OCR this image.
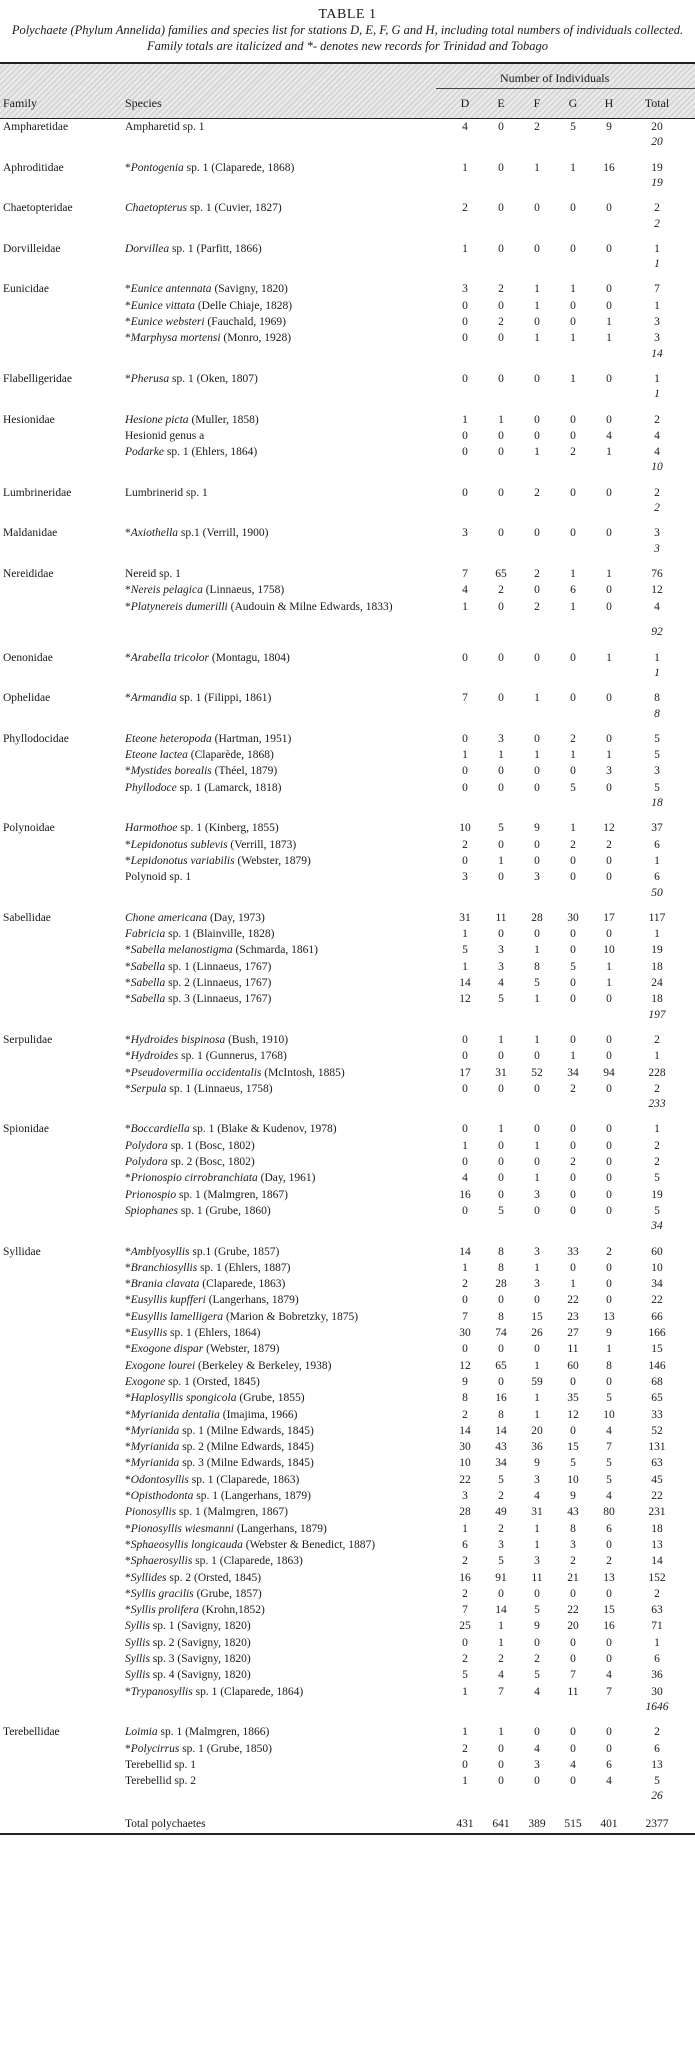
TABLE 1
Polychaete (Phylum Annelida) families and species list for stations D, E, F, G and H, including total numbers of individuals collected. Family totals are italicized and *- denotes new records for Trinidad and Tobago
Family	Species
Number of Individuals
D	E	F	G	H	Total
Ampharetidae	Ampharetid sp. 1	4	0	2	5	9	20
20
Aphroditidae	*Pontogenia sp. 1 (Claparede, 1868)	1	0	1	1	16	19
19
Chaetopteridae	Chaetopterus sp. 1 (Cuvier, 1827)	2	0	0	0	0	2
2
Dorvilleidae	Dorvillea sp. 1 (Parfitt, 1866)	1	0	0	0	0	1
1
Eunicidae	*Eunice antennata (Savigny, 1820)	3	2	1	1	0	7
*Eunice vittata (Delle Chiaje, 1828)	0	0	1	0	0	1
*Eunice websteri (Fauchald, 1969)	0	2	0	0	1	3
*Marphysa mortensi (Monro, 1928)	0	0	1	1	1	3
14
Flabelligeridae	*Pherusa sp. 1 (Oken, 1807)	0	0	0	1	0	1
1
Hesionidae	Hesione picta (Muller, 1858)	1	1	0	0	0	2
Hesionid genus a	0	0	0	0	4	4
Podarke sp. 1 (Ehlers, 1864)	0	0	1	2	1	4
10
Lumbrineridae	Lumbrinerid sp. 1	0	0	2	0	0	2
2
Maldanidae	*Axiothella sp.1 (Verrill, 1900)	3	0	0	0	0	3
3
Nereididae	Nereid sp. 1	7	65	2	1	1	76
*Nereis pelagica (Linnaeus, 1758)	4	2	0	6	0	12
*Platynereis dumerilli (Audouin & Milne Edwards, 1833)	1	0	2	1	0	4
92
Oenonidae	*Arabella tricolor (Montagu, 1804)	0	0	0	0	1	1
1
Ophelidae	*Armandia sp. 1 (Filippi, 1861)	7	0	1	0	0	8
8
Phyllodocidae	Eteone heteropoda (Hartman, 1951)	0	3	0	2	0	5
Eteone lactea (Claparède, 1868)	1	1	1	1	1	5
*Mystides borealis (Théel, 1879)	0	0	0	0	3	3
Phyllodoce sp. 1 (Lamarck, 1818)	0	0	0	5	0	5
18
Polynoidae	Harmothoe sp. 1 (Kinberg, 1855)	10	5	9	1	12	37
*Lepidonotus sublevis (Verrill, 1873)	2	0	0	2	2	6
*Lepidonotus variabilis (Webster, 1879)	0	1	0	0	0	1
Polynoid sp. 1	3	0	3	0	0	6
50
Sabellidae	Chone americana (Day, 1973)	31	11	28	30	17	117
Fabricia sp. 1 (Blainville, 1828)	1	0	0	0	0	1
*Sabella melanostigma (Schmarda, 1861)	5	3	1	0	10	19
*Sabella sp. 1 (Linnaeus, 1767)	1	3	8	5	1	18
*Sabella sp. 2 (Linnaeus, 1767)	14	4	5	0	1	24
*Sabella sp. 3 (Linnaeus, 1767)	12	5	1	0	0	18
197
Serpulidae	*Hydroides bispinosa (Bush, 1910)	0	1	1	0	0	2
*Hydroides sp. 1 (Gunnerus, 1768)	0	0	0	1	0	1
*Pseudovermilia occidentalis (McIntosh, 1885)	17	31	52	34	94	228
*Serpula sp. 1 (Linnaeus, 1758)	0	0	0	2	0	2
233
Spionidae	*Boccardiella sp. 1 (Blake & Kudenov, 1978)	0	1	0	0	0	1
Polydora sp. 1 (Bosc, 1802)	1	0	1	0	0	2
Polydora sp. 2 (Bosc, 1802)	0	0	0	2	0	2
*Prionospio cirrobranchiata (Day, 1961)	4	0	1	0	0	5
Prionospio sp. 1 (Malmgren, 1867)	16	0	3	0	0	19
Spiophanes sp. 1 (Grube, 1860)	0	5	0	0	0	5
34
Syllidae	*Amblyosyllis sp.1 (Grube, 1857)	14	8	3	33	2	60
*Branchiosyllis sp. 1 (Ehlers, 1887)	1	8	1	0	0	10
*Brania clavata (Claparede, 1863)	2	28	3	1	0	34
*Eusyllis kupfferi (Langerhans, 1879)	0	0	0	22	0	22
*Eusyllis lamelligera (Marion & Bobretzky, 1875)	7	8	15	23	13	66
*Eusyllis sp. 1 (Ehlers, 1864)	30	74	26	27	9	166
*Exogone dispar (Webster, 1879)	0	0	0	11	1	15
Exogone lourei (Berkeley & Berkeley, 1938)	12	65	1	60	8	146
Exogone sp. 1 (Orsted, 1845)	9	0	59	0	0	68
*Haplosyllis spongicola (Grube, 1855)	8	16	1	35	5	65
*Myrianida dentalia (Imajima, 1966)	2	8	1	12	10	33
*Myrianida sp. 1 (Milne Edwards, 1845)	14	14	20	0	4	52
*Myrianida sp. 2 (Milne Edwards, 1845)	30	43	36	15	7	131
*Myrianida sp. 3 (Milne Edwards, 1845)	10	34	9	5	5	63
*Odontosyllis sp. 1 (Claparede, 1863)	22	5	3	10	5	45
*Opisthodonta sp. 1 (Langerhans, 1879)	3	2	4	9	4	22
Pionosyllis sp. 1 (Malmgren, 1867)	28	49	31	43	80	231
*Pionosyllis wiesmanni (Langerhans, 1879)	1	2	1	8	6	18
*Sphaeosyllis longicauda (Webster & Benedict, 1887)	6	3	1	3	0	13
*Sphaerosyllis sp. 1 (Claparede, 1863)	2	5	3	2	2	14
*Syllides sp. 2 (Orsted, 1845)	16	91	11	21	13	152
*Syllis gracilis (Grube, 1857)	2	0	0	0	0	2
*Syllis prolifera (Krohn,1852)	7	14	5	22	15	63
Syllis sp. 1 (Savigny, 1820)	25	1	9	20	16	71
Syllis sp. 2 (Savigny, 1820)	0	1	0	0	0	1
Syllis sp. 3 (Savigny, 1820)	2	2	2	0	0	6
Syllis sp. 4 (Savigny, 1820)	5	4	5	7	4	36
*Trypanosyllis sp. 1 (Claparede, 1864)	1	7	4	11	7	30
1646
Terebellidae	Loimia sp. 1 (Malmgren, 1866)	1	1	0	0	0	2
*Polycirrus sp. 1 (Grube, 1850)	2	0	4	0	0	6
Terebellid sp. 1	0	0	3	4	6	13
Terebellid sp. 2	1	0	0	0	4	5
26
Total polychaetes	431	641	389	515	401	2377
